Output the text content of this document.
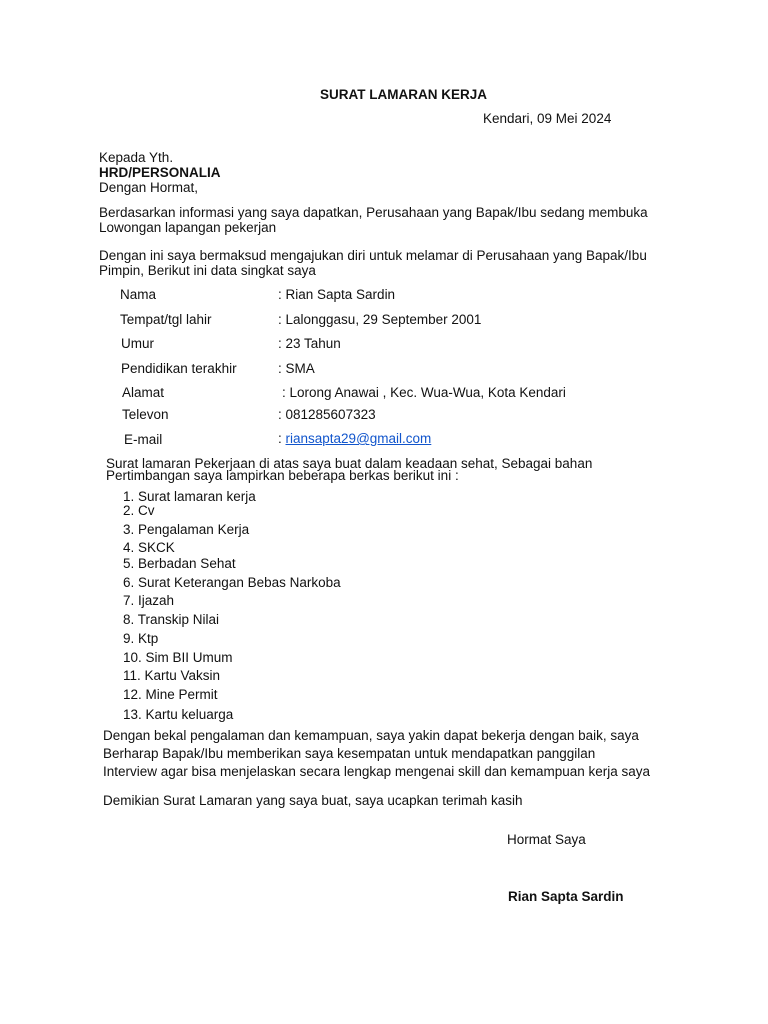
SURAT LAMARAN KERJA
Kendari, 09 Mei 2024
Kepada Yth.
HRD/PERSONALIA
Dengan Hormat,
Berdasarkan informasi yang saya dapatkan, Perusahaan yang Bapak/Ibu sedang membuka
Lowongan lapangan pekerjan
Dengan ini saya bermaksud mengajukan diri untuk melamar di Perusahaan yang Bapak/Ibu
Pimpin, Berikut ini data singkat saya
Nama	: Rian Sapta Sardin
Tempat/tgl lahir	: Lalonggasu, 29 September 2001
Umur	: 23 Tahun
Pendidikan terakhir	: SMA
Alamat	: Lorong Anawai , Kec. Wua-Wua, Kota Kendari
Televon	: 081285607323
E-mail	: riansapta29@gmail.com
Surat lamaran Pekerjaan di atas saya buat dalam keadaan sehat, Sebagai bahan
Pertimbangan saya lampirkan beberapa berkas berikut ini :
1. Surat lamaran kerja
2. Cv
3. Pengalaman Kerja
4. SKCK
5. Berbadan Sehat
6. Surat Keterangan Bebas Narkoba
7. Ijazah
8. Transkip Nilai
9. Ktp
10. Sim BII Umum
11. Kartu Vaksin
12. Mine Permit
13. Kartu keluarga
Dengan bekal pengalaman dan kemampuan, saya yakin dapat bekerja dengan baik, saya
Berharap Bapak/Ibu memberikan saya kesempatan untuk mendapatkan panggilan
Interview agar bisa menjelaskan secara lengkap mengenai skill dan kemampuan kerja saya
Demikian Surat Lamaran yang saya buat, saya ucapkan terimah kasih
Hormat Saya
Rian Sapta Sardin
